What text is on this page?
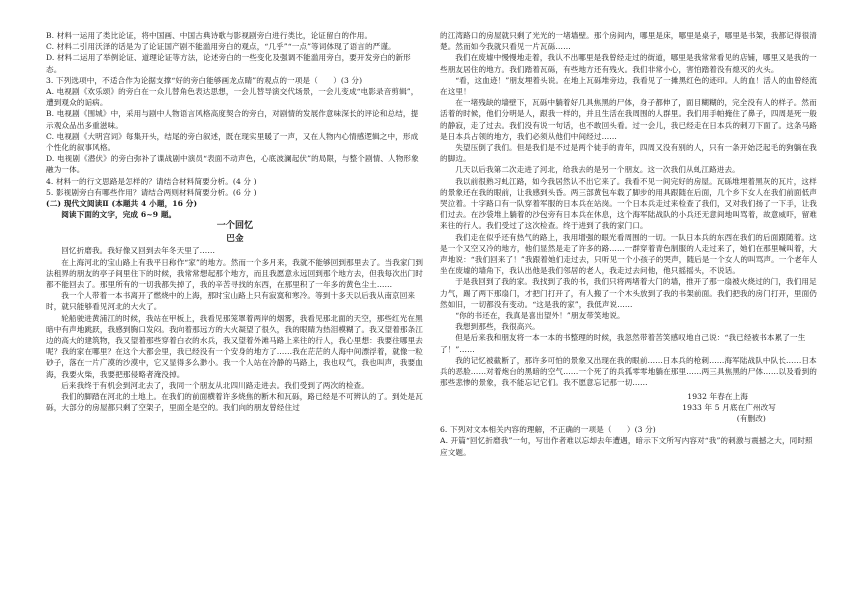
B. 材料一运用了类比论证，将中国画、中国古典诗歌与影视剧旁白进行类比，论证留白的作用。

C. 材料二引用沃泽的话是为了论证国产剧不能滥用旁白的观点，“几乎”“一点”等词体现了语言的严谨。

D. 材料二运用了举例论证、道理论证等方法，论述旁白的一些变化及强调不能滥用旁白，要开发旁白的新形态。

3. 下列选项中，不适合作为论据支撑“好的旁白能够画龙点睛”的观点的一项是（　　）(3 分)

A. 电视剧《欢乐颂》的旁白在一众儿替角色表达思想，一会儿替导演交代场景，一会儿变成“电影录音剪辑”，遭到观众的诟病。

B. 电视剧《围城》中，采用与剧中人物语言风格高度契合的旁白，对剧情的发展作意味深长的评论和总结，提示观众品出多重滋味。

C. 电视剧《大明宫词》每集开头，结尾的旁白叙述，既在现实里暖了一声，又在人物内心情感逻辑之中，形成个性化的叙事风格。

D. 电视剧《潜伏》的旁白弥补了谍战剧中演员“表面不动声色，心底波澜起伏”的局限，与整个剧情、人物形象融为一体。

4. 材料一的行文思路是怎样的？请结合材料简要分析。(4 分 )

5. 影视剧旁白有哪些作用？请结合两则材料简要分析。(6 分 )

(二) 现代文阅读Ⅱ (本题共 4 小题，16 分)

阅读下面的文字，完成 6~9 题。

一个回忆

巴金

回忆折磨我。我好像又回到去年冬天里了……

在上海河北的宝山路上有我平日称作“家”的地方。然而一个多月来，我就不能够回到那里去了。当我家门到法租界的朋友的亭子间里住下的时候，我常常想起那个地方，而且我愿意永远回到那个地方去，但我每次出门时都不能回去了。那里所有的一切我都失掉了，我的辛苦寻找的东西，在那里积了一年多的黄色尘土……

我一个人带着一本书离开了燃烧中的上海，那时宝山路上只有寂寞和寒冷。等到十多天以后我从南京回来时，就只能够看见河北的大火了。

轮船驶进黄浦江的时候，我站在甲板上，我看见那笼罩着两岸的烟雾，我看见那北面的天空，那些红光在黑暗中有声地跳跃，我感到胸口发闷。我向着那远方的大火凝望了很久，我的眼睛为热泪模糊了。我又望着那条江边的高大的建筑物，我又望着那些穿着白衣的水兵，我又望着外滩马路上来往的行人，我心里想：我要往哪里去呢？我的家在哪里？在这个大都会里，我已经没有一个安身的地方了……我在茫茫的人海中间漂浮着，就像一粒砂子，落在一片广漠的沙漠中，它又显得多么渺小。我一个人站在冷静的马路上，我也叹气，我也叫声，我要血海，我要火柴，我要把那侵略者淹没掉。

后来我终于有机会到河北去了，我同一个朋友从北四川路走进去。我们受到了两次的检查。

我们的脚踏在河北的土地上。在我们的前面横着许多烧焦的断木和瓦砾，路已经是不可辨认的了。到处是瓦砾，大部分的房屋都只剩了空架子，里面全是空的。我们向的朋友曾经住过

的江湾路口的房屋就只剩了光光的一堵墙壁。那个房间内，哪里是床，哪里是桌子，哪里是书架，我都记得很清楚。然而如今我就只看见一片瓦砾……

我们在废墟中慢慢地走着，我认不出哪里是我曾经走过的街道，哪里是我常常看见的店铺，哪里又是我的一些朋友居住的地方。我们踏着瓦砾，有些地方还有残火。我们非常小心，害怕踏着没有熄灭的火头。

“看，这血迹！”朋友埋着头说。在地上瓦砾堆旁边，我看见了一摊黑红色的迹印。人的血！活人的血曾经流在这里！

在一堵残缺的墙壁下，瓦砾中躺着好几具焦黑的尸体，身子都伸了，面目糊糊的，完全没有人的样子。然而活着的时候，他们分明是人，跟我一样的，并且生活在我周围的人群里。我们用手帕掩住了鼻子，四周是死一般的静寂，走了过去。我们没有说一句话，也不敢回头看。过一会儿，我已经走在日本兵的刺刀下面了。这条马路是日本兵占领的地方，我们必须从他们中间经过……

失望压倒了我们。但是我们是不过是两个徒手的青年，四周又没有别的人，只有一条开始泛起毛的狗躺在我的脚边。

几天以后我第二次走进了河北，给我去的是另一个朋友。这一次我们从虬江路进去。

我以前很熟习虬江路，如今我居然认不出它来了。我看不见一间完好的房屋。瓦砾堆埋着黑灰的瓦片，这样的景象还在我的眼前，让我感到头昏。两三部黄包车载了脚步的用具跟随在后面，几个乡下女人在我们前面低声哭泣着。十字路口有一队穿着军服的日本兵在站岗。一个日本兵走过来检查了我们，又对我们扬了一下手，让我们过去。在沙袋堆上躺着的沙包旁有日本兵在休息，这个海军陆战队的小兵还无意间地叫骂着，故意威吓，留难来往的行人。我们受过了这次检查。终于进到了我的家门口。

我们走在似乎还有热气的路上，我用增强的眼光看周围的一切。一队日本兵的东西在我们的后面跟随着。这是一个又空又冷的地方，他们显然是走了许多的路……一群穿着青色制服的人走过来了，她们在那里喊叫着，大声地说：“我们回来了！”我跟着她们走过去，只听见一个小孩子的哭声，随后是一个女人的叫骂声。一个老年人坐在废墟的墙角下，我认出他是我们邻居的老人，我走过去问他，他只摇摇头，不说话。

于是我回到了我的家。我找到了我的书，我们只将两堵着大门的墙，推开了那一扇被火烧过的门，我们用足力气，踢了两下那扇门，才把门打开了，有人搬了一个木头放到了我的书架前面。我们把我的房门打开，里面仍然如旧，一切都没有变动。“这是我的家”，我低声说……

“你的书还在，我真是喜出望外！”朋友带笑地说。

我想到那些，我很高兴。

但是后来我和朋友将一本一本的书整理的时候，我忽然带着苦笑感叹地自己说：“我已经被书本累了一生了！”……

我的记忆被截断了，那许多可怕的景象又出现在我的眼前……日本兵的枪刺……海军陆战队中队长……日本兵的恶脸……对着炮台的黑暗的空气……一个死了的兵孤零零地躺在那里……两三具焦黑的尸体……以及看到的那些悲惨的景象，我不能忘记它们。我不愿意忘记那一切……

1932 年春在上海

1933 年 5 月底在广州改写

(有删改)

6. 下列对文本相关内容的理解，不正确的一项是（　　）(3 分)

A. 开篇“回忆折磨我”一句，写出作者难以忘却去年遭遇，暗示下文所写内容对“我”的刺激与震撼之大，同时照应文题。
